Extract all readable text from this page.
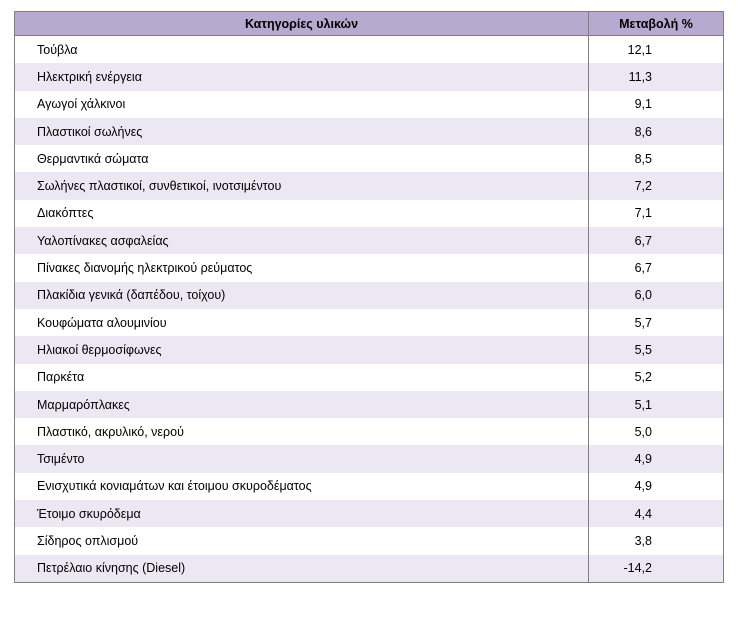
Κατηγορίες υλικών	Μεταβολή %
Τούβλα	12,1
Ηλεκτρική ενέργεια	11,3
Αγωγοί χάλκινοι	9,1
Πλαστικοί σωλήνες	8,6
Θερμαντικά σώματα	8,5
Σωλήνες πλαστικοί, συνθετικοί, ινοτσιμέντου	7,2
Διακόπτες	7,1
Υαλοπίνακες ασφαλείας	6,7
Πίνακες διανομής ηλεκτρικού ρεύματος	6,7
Πλακίδια γενικά (δαπέδου, τοίχου)	6,0
Κουφώματα αλουμινίου	5,7
Ηλιακοί θερμοσίφωνες	5,5
Παρκέτα	5,2
Μαρμαρόπλακες	5,1
Πλαστικό, ακρυλικό, νερού	5,0
Τσιμέντο	4,9
Ενισχυτικά κονιαμάτων και έτοιμου σκυροδέματος	4,9
Έτοιμο σκυρόδεμα	4,4
Σίδηρος οπλισμού	3,8
Πετρέλαιο κίνησης (Diesel)	-14,2
